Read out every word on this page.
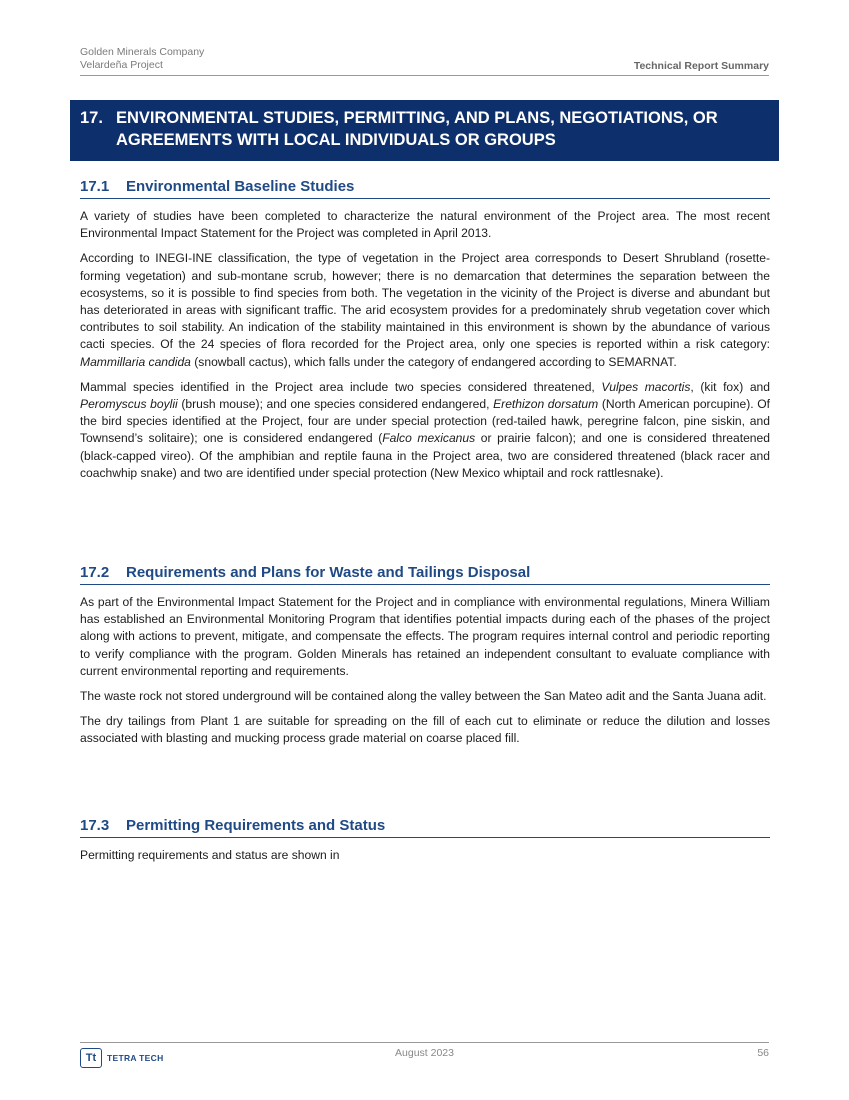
Golden Minerals Company
Velardeña Project	Technical Report Summary
17. ENVIRONMENTAL STUDIES, PERMITTING, AND PLANS, NEGOTIATIONS, OR
AGREEMENTS WITH LOCAL INDIVIDUALS OR GROUPS
17.1 Environmental Baseline Studies

A variety of studies have been completed to characterize the natural environment of the Project area. The most recent Environmental Impact Statement for the Project was completed in April 2013.

According to INEGI-INE classification, the type of vegetation in the Project area corresponds to Desert Shrubland (rosette-forming vegetation) and sub-montane scrub, however; there is no demarcation that determines the separation between the ecosystems, so it is possible to find species from both. The vegetation in the vicinity of the Project is diverse and abundant but has deteriorated in areas with significant traffic. The arid ecosystem provides for a predominately shrub vegetation cover which contributes to soil stability. An indication of the stability maintained in this environment is shown by the abundance of various cacti species. Of the 24 species of flora recorded for the Project area, only one species is reported within a risk category: Mammillaria candida (snowball cactus), which falls under the category of endangered according to SEMARNAT.

Mammal species identified in the Project area include two species considered threatened, Vulpes macortis, (kit fox) and Peromyscus boylii (brush mouse); and one species considered endangered, Erethizon dorsatum (North American porcupine). Of the bird species identified at the Project, four are under special protection (red-tailed hawk, peregrine falcon, pine siskin, and Townsend’s solitaire); one is considered endangered (Falco mexicanus or prairie falcon); and one is considered threatened (black-capped vireo). Of the amphibian and reptile fauna in the Project area, two are considered threatened (black racer and coachwhip snake) and two are identified under special protection (New Mexico whiptail and rock rattlesnake).

17.2 Requirements and Plans for Waste and Tailings Disposal

As part of the Environmental Impact Statement for the Project and in compliance with environmental regulations, Minera William has established an Environmental Monitoring Program that identifies potential impacts during each of the phases of the project along with actions to prevent, mitigate, and compensate the effects. The program requires internal control and periodic reporting to verify compliance with the program. Golden Minerals has retained an independent consultant to evaluate compliance with current environmental reporting and requirements.

The waste rock not stored underground will be contained along the valley between the San Mateo adit and the Santa Juana adit.

The dry tailings from Plant 1 are suitable for spreading on the fill of each cut to eliminate or reduce the dilution and losses associated with blasting and mucking process grade material on coarse placed fill.

17.3 Permitting Requirements and Status

Permitting requirements and status are shown in

Tt	TETRA TECH	August 2023	56
